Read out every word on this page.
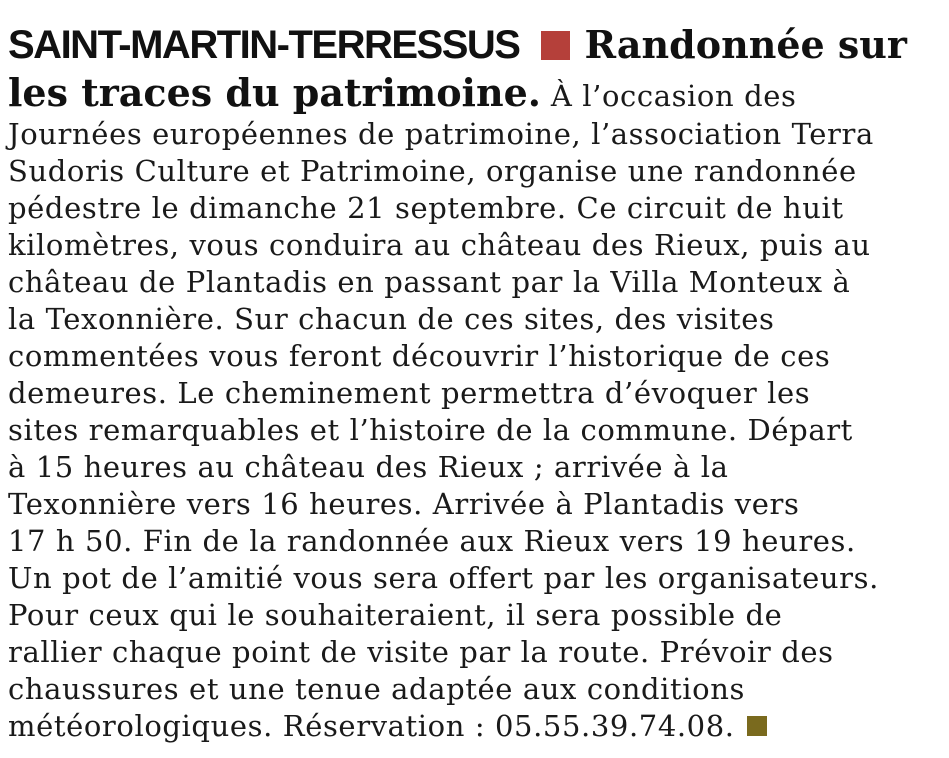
SAINT-MARTIN-TERRESSUS Randonnée sur
les traces du patrimoine. À l’occasion des
Journées européennes de patrimoine, l’association Terra
Sudoris Culture et Patrimoine, organise une randonnée
pédestre le dimanche 21 septembre. Ce circuit de huit
kilomètres, vous conduira au château des Rieux, puis au
château de Plantadis en passant par la Villa Monteux à
la Texonnière. Sur chacun de ces sites, des visites
commentées vous feront découvrir l’historique de ces
demeures. Le cheminement permettra d’évoquer les
sites remarquables et l’histoire de la commune. Départ
à 15 heures au château des Rieux ; arrivée à la
Texonnière vers 16 heures. Arrivée à Plantadis vers
17 h 50. Fin de la randonnée aux Rieux vers 19 heures.
Un pot de l’amitié vous sera offert par les organisateurs.
Pour ceux qui le souhaiteraient, il sera possible de
rallier chaque point de visite par la route. Prévoir des
chaussures et une tenue adaptée aux conditions
météorologiques. Réservation : 05.55.39.74.08.
